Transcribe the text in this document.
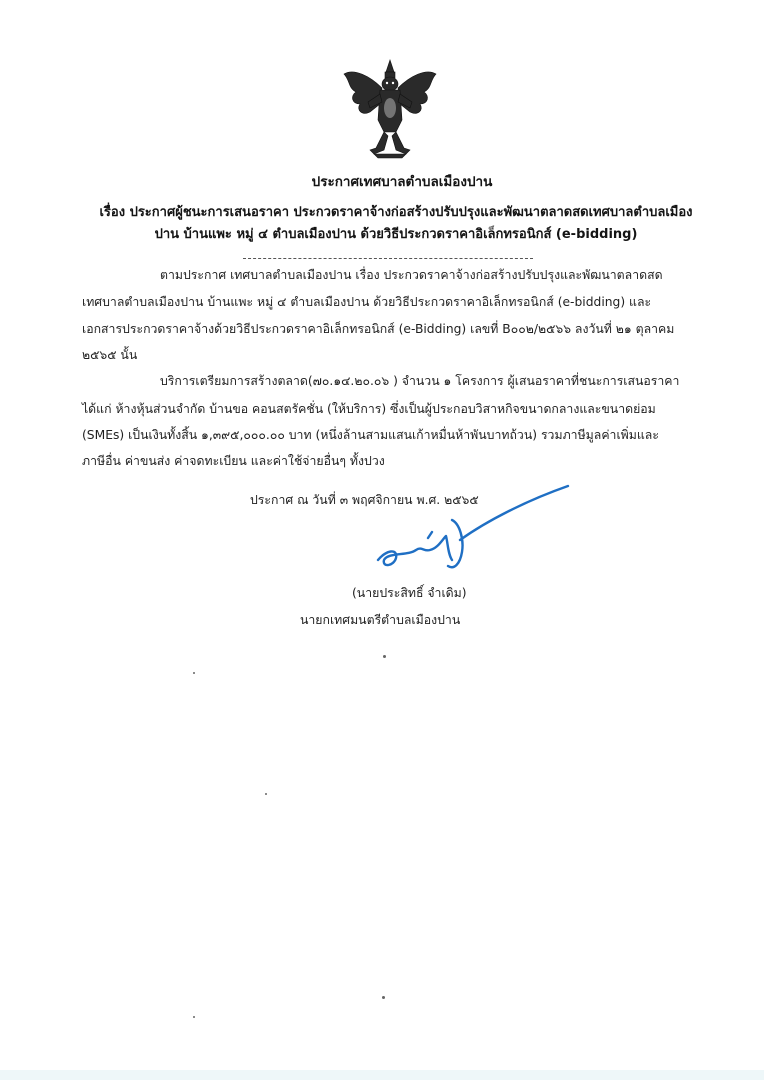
ประกาศเทศบาลตำบลเมืองปาน
เรื่อง ประกาศผู้ชนะการเสนอราคา ประกวดราคาจ้างก่อสร้างปรับปรุงและพัฒนาตลาดสดเทศบาลตำบลเมือง
ปาน บ้านแพะ หมู่ ๔ ตำบลเมืองปาน ด้วยวิธีประกวดราคาอิเล็กทรอนิกส์ (e-bidding)
ตามประกาศ เทศบาลตำบลเมืองปาน เรื่อง ประกวดราคาจ้างก่อสร้างปรับปรุงและพัฒนาตลาดสด
เทศบาลตำบลเมืองปาน บ้านแพะ หมู่ ๔ ตำบลเมืองปาน ด้วยวิธีประกวดราคาอิเล็กทรอนิกส์ (e-bidding) และ
เอกสารประกวดราคาจ้างด้วยวิธีประกวดราคาอิเล็กทรอนิกส์ (e-Bidding) เลขที่ B๐๐๒/๒๕๖๖ ลงวันที่ ๒๑ ตุลาคม
๒๕๖๕ นั้น
บริการเตรียมการสร้างตลาด(๗๐.๑๔.๒๐.๐๖ ) จำนวน ๑ โครงการ ผู้เสนอราคาที่ชนะการเสนอราคา
ได้แก่ ห้างหุ้นส่วนจำกัด บ้านขอ คอนสตรัคชั่น (ให้บริการ) ซึ่งเป็นผู้ประกอบวิสาหกิจขนาดกลางและขนาดย่อม
(SMEs) เป็นเงินทั้งสิ้น ๑,๓๙๕,๐๐๐.๐๐ บาท (หนึ่งล้านสามแสนเก้าหมื่นห้าพันบาทถ้วน) รวมภาษีมูลค่าเพิ่มและ
ภาษีอื่น ค่าขนส่ง ค่าจดทะเบียน และค่าใช้จ่ายอื่นๆ ทั้งปวง
ประกาศ ณ วันที่ ๓ พฤศจิกายน พ.ศ. ๒๕๖๕
(นายประสิทธิ์ จำเดิม)
นายกเทศมนตรีตำบลเมืองปาน
